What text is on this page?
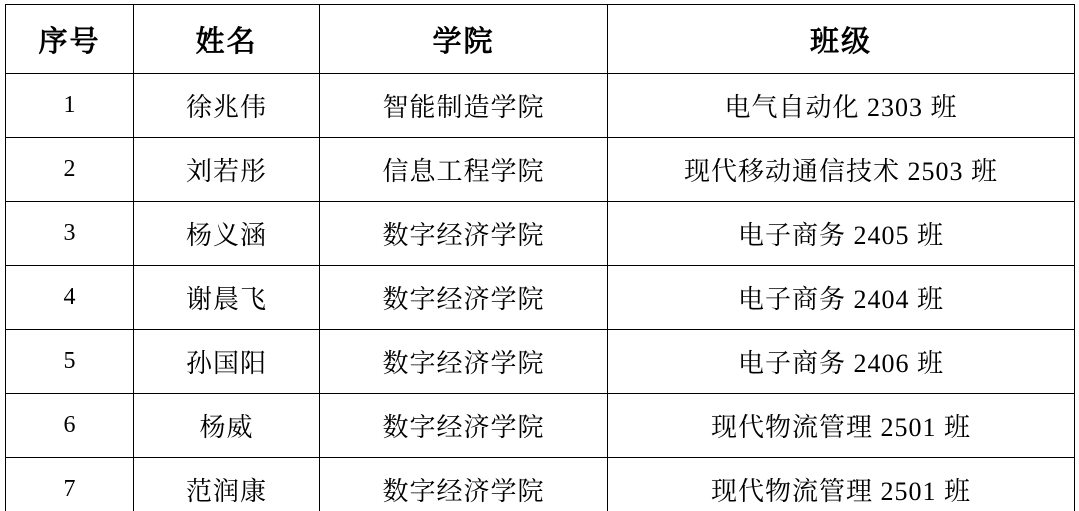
序号	姓名	学院	班级
1	徐兆伟	智能制造学院	电气自动化 2303 班
2	刘若彤	信息工程学院	现代移动通信技术 2503 班
3	杨义涵	数字经济学院	电子商务 2405 班
4	谢晨飞	数字经济学院	电子商务 2404 班
5	孙国阳	数字经济学院	电子商务 2406 班
6	杨威	数字经济学院	现代物流管理 2501 班
7	范润康	数字经济学院	现代物流管理 2501 班
